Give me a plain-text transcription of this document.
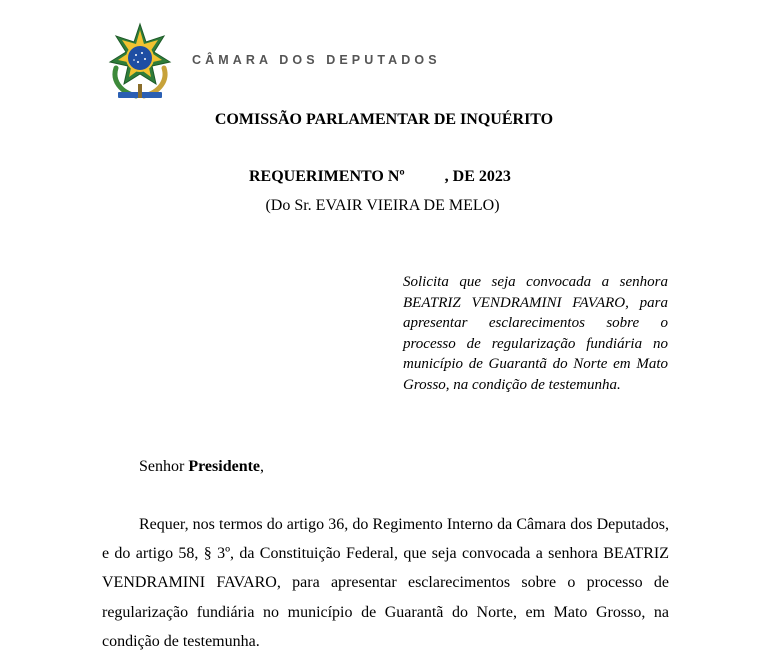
CÂMARA DOS DEPUTADOS
COMISSÃO PARLAMENTAR DE INQUÉRITO
REQUERIMENTO Nº	, DE 2023
(Do Sr. EVAIR VIEIRA DE MELO)
Solicita que seja convocada a senhora BEATRIZ VENDRAMINI FAVARO, para apresentar esclarecimentos sobre o processo de regularização fundiária no município de Guarantã do Norte em Mato Grosso, na condição de testemunha.
Senhor Presidente,
Requer, nos termos do artigo 36, do Regimento Interno da Câmara dos Deputados, e do artigo 58, § 3º, da Constituição Federal, que seja convocada a senhora BEATRIZ VENDRAMINI FAVARO, para apresentar esclarecimentos sobre o processo de regularização fundiária no município de Guarantã do Norte, em Mato Grosso, na condição de testemunha.
